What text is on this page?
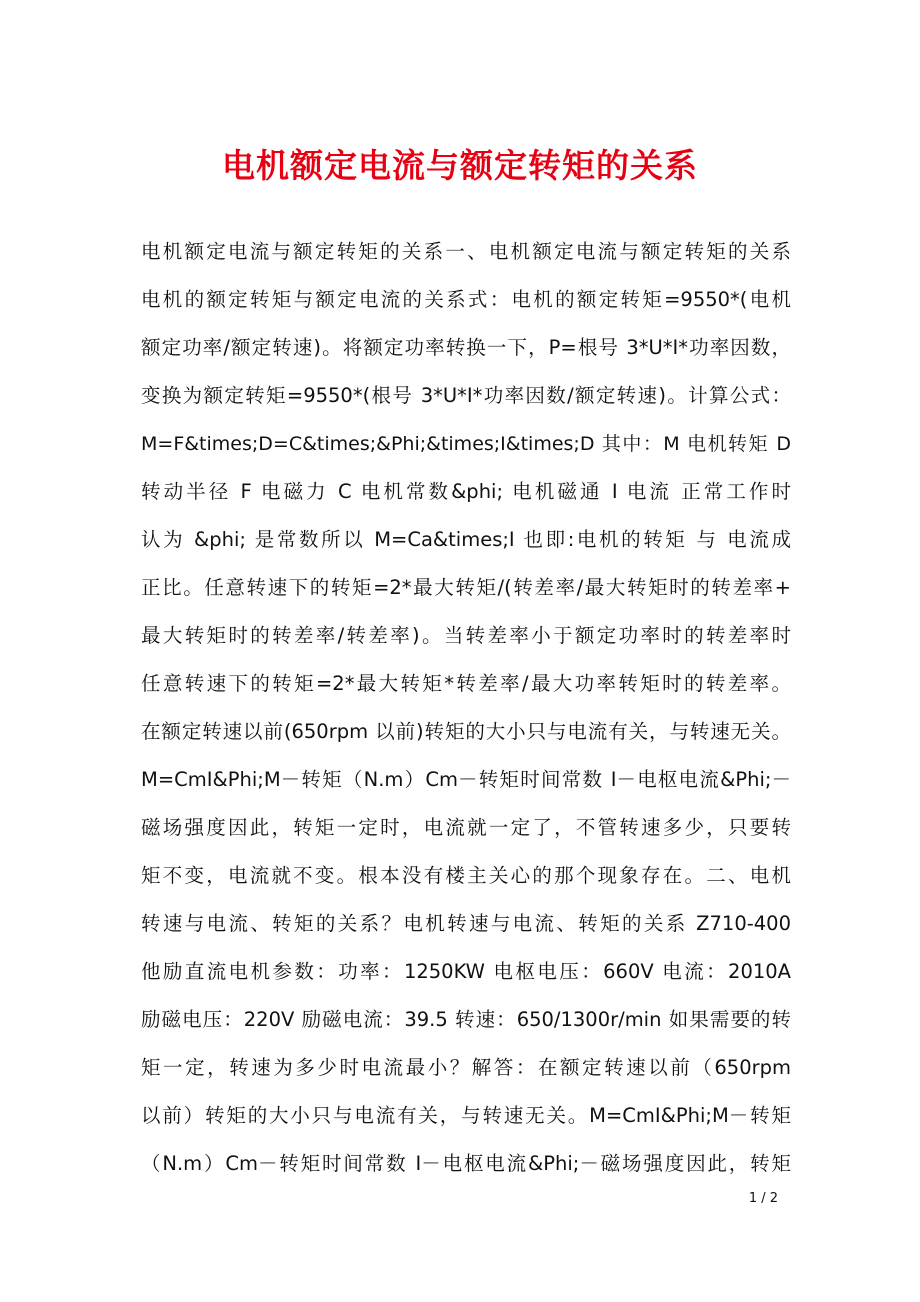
电机额定电流与额定转矩的关系
电机额定电流与额定转矩的关系一、电机额定电流与额定转矩的关系
电机的额定转矩与额定电流的关系式：电机的额定转矩=9550*(电机
额定功率/额定转速)。将额定功率转换一下，P=根号 3*U*I*功率因数，
变换为额定转矩=9550*(根号 3*U*I*功率因数/额定转速)。计算公式：
M=F&times;D=C&times;&Phi;&times;I&times;D 其中：M 电机转矩 D
转动半径 F 电磁力 C 电机常数&phi; 电机磁通 I 电流 正常工作时
认为 &phi; 是常数所以 M=Ca&times;I 也即:电机的转矩 与 电流成
正比。任意转速下的转矩=2*最大转矩/(转差率/最大转矩时的转差率+
最大转矩时的转差率/转差率)。当转差率小于额定功率时的转差率时
任意转速下的转矩=2*最大转矩*转差率/最大功率转矩时的转差率。
在额定转速以前(650rpm 以前)转矩的大小只与电流有关，与转速无关。
M=CmI&Phi;M－转矩（N.m）Cm－转矩时间常数 I－电枢电流&Phi;－
磁场强度因此，转矩一定时，电流就一定了，不管转速多少，只要转
矩不变，电流就不变。根本没有楼主关心的那个现象存在。二、电机
转速与电流、转矩的关系？电机转速与电流、转矩的关系 Z710-400
他励直流电机参数：功率：1250KW 电枢电压：660V 电流：2010A
励磁电压：220V 励磁电流：39.5 转速：650/1300r/min 如果需要的转
矩一定，转速为多少时电流最小？解答：在额定转速以前（650rpm
以前）转矩的大小只与电流有关，与转速无关。M=CmI&Phi;M－转矩
（N.m）Cm－转矩时间常数 I－电枢电流&Phi;－磁场强度因此，转矩
1 / 2
